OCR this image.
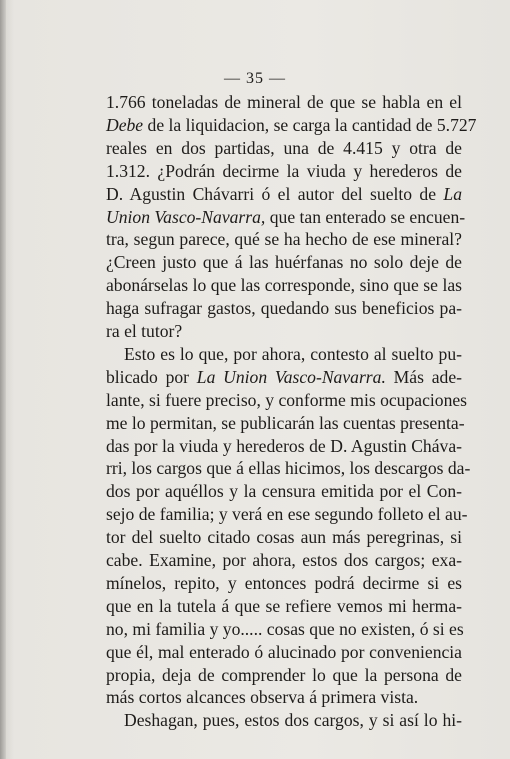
— 35 —
1.766 toneladas de mineral de que se habla en el
Debe de la liquidacion, se carga la cantidad de 5.727
reales en dos partidas, una de 4.415 y otra de
1.312. ¿Podrán decirme la viuda y herederos de
D. Agustin Chávarri ó el autor del suelto de La
Union Vasco-Navarra, que tan enterado se encuen-
tra, segun parece, qué se ha hecho de ese mineral?
¿Creen justo que á las huérfanas no solo deje de
abonárselas lo que las corresponde, sino que se las
haga sufragar gastos, quedando sus beneficios pa-
ra el tutor?
Esto es lo que, por ahora, contesto al suelto pu-
blicado por La Union Vasco-Navarra. Más ade-
lante, si fuere preciso, y conforme mis ocupaciones
me lo permitan, se publicarán las cuentas presenta-
das por la viuda y herederos de D. Agustin Cháva-
rri, los cargos que á ellas hicimos, los descargos da-
dos por aquéllos y la censura emitida por el Con-
sejo de familia; y verá en ese segundo folleto el au-
tor del suelto citado cosas aun más peregrinas, si
cabe. Examine, por ahora, estos dos cargos; exa-
mínelos, repito, y entonces podrá decirme si es
que en la tutela á que se refiere vemos mi herma-
no, mi familia y yo..... cosas que no existen, ó si es
que él, mal enterado ó alucinado por conveniencia
propia, deja de comprender lo que la persona de
más cortos alcances observa á primera vista.
Deshagan, pues, estos dos cargos, y si así lo hi-
